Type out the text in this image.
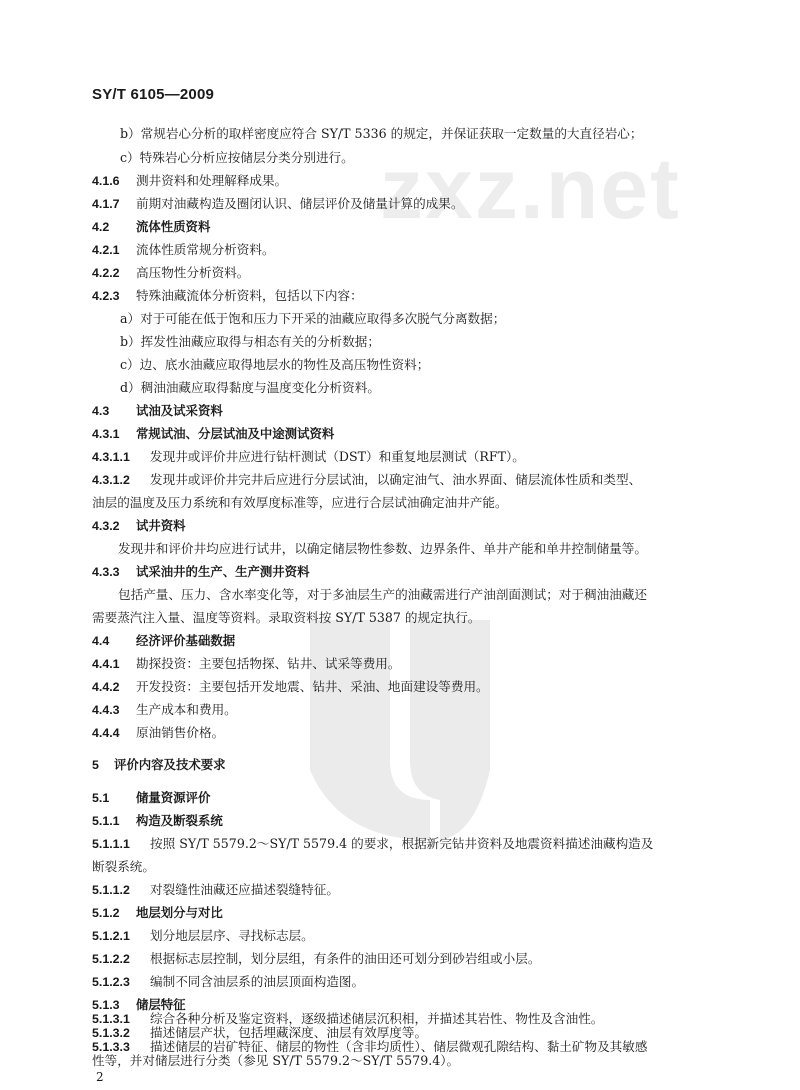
zxz.net
SY/T 6105—2009
b）常规岩心分析的取样密度应符合 SY/T 5336 的规定，并保证获取一定数量的大直径岩心；
c）特殊岩心分析应按储层分类分别进行。
4.1.6 测井资料和处理解释成果。
4.1.7 前期对油藏构造及圈闭认识、储层评价及储量计算的成果。
4.2 流体性质资料
4.2.1 流体性质常规分析资料。
4.2.2 高压物性分析资料。
4.2.3 特殊油藏流体分析资料，包括以下内容：
a）对于可能在低于饱和压力下开采的油藏应取得多次脱气分离数据；
b）挥发性油藏应取得与相态有关的分析数据；
c）边、底水油藏应取得地层水的物性及高压物性资料；
d）稠油油藏应取得黏度与温度变化分析资料。
4.3 试油及试采资料
4.3.1 常规试油、分层试油及中途测试资料
4.3.1.1 发现井或评价井应进行钻杆测试（DST）和重复地层测试（RFT）。
4.3.1.2 发现井或评价井完井后应进行分层试油，以确定油气、油水界面、储层流体性质和类型、
油层的温度及压力系统和有效厚度标准等，应进行合层试油确定油井产能。
4.3.2 试井资料
发现井和评价井均应进行试井，以确定储层物性参数、边界条件、单井产能和单井控制储量等。
4.3.3 试采油井的生产、生产测井资料
包括产量、压力、含水率变化等，对于多油层生产的油藏需进行产油剖面测试；对于稠油油藏还
需要蒸汽注入量、温度等资料。录取资料按 SY/T 5387 的规定执行。
4.4 经济评价基础数据
4.4.1 勘探投资：主要包括物探、钻井、试采等费用。
4.4.2 开发投资：主要包括开发地震、钻井、采油、地面建设等费用。
4.4.3 生产成本和费用。
4.4.4 原油销售价格。
5 评价内容及技术要求
5.1 储量资源评价
5.1.1 构造及断裂系统
5.1.1.1 按照 SY/T 5579.2～SY/T 5579.4 的要求，根据新完钻井资料及地震资料描述油藏构造及
断裂系统。
5.1.1.2 对裂缝性油藏还应描述裂缝特征。
5.1.2 地层划分与对比
5.1.2.1 划分地层层序、寻找标志层。
5.1.2.2 根据标志层控制，划分层组，有条件的油田还可划分到砂岩组或小层。
5.1.2.3 编制不同含油层系的油层顶面构造图。
5.1.3 储层特征
5.1.3.1 综合各种分析及鉴定资料，逐级描述储层沉积相，并描述其岩性、物性及含油性。
5.1.3.2 描述储层产状，包括埋藏深度、油层有效厚度等。
5.1.3.3 描述储层的岩矿特征、储层的物性（含非均质性）、储层微观孔隙结构、黏土矿物及其敏感
性等，并对储层进行分类（参见 SY/T 5579.2～SY/T 5579.4）。
2
